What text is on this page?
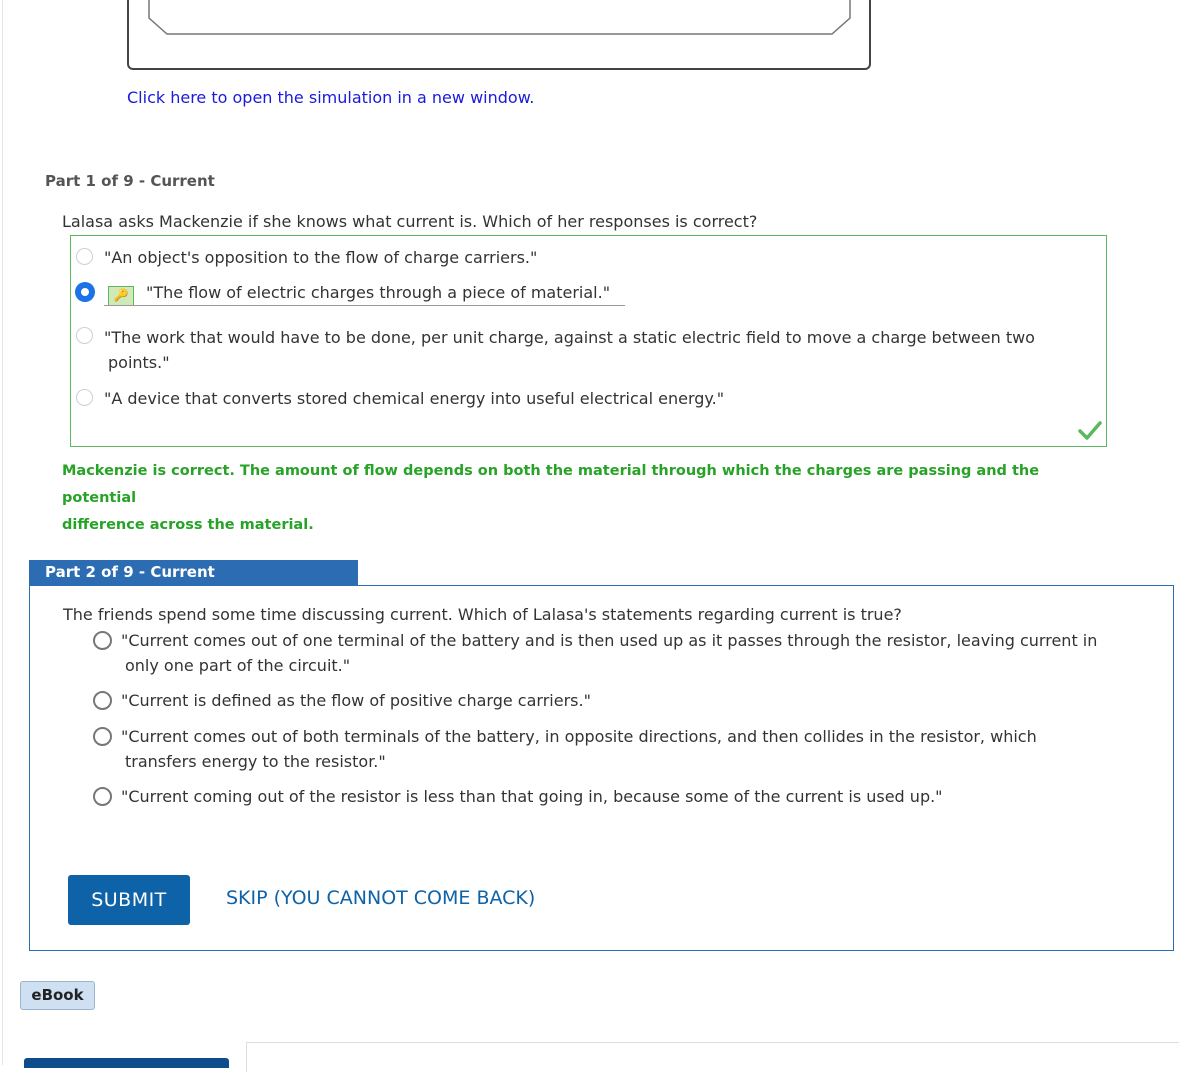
Click here to open the simulation in a new window.
Part 1 of 9 - Current
Lalasa asks Mackenzie if she knows what current is. Which of her responses is correct?
"An object's opposition to the flow of charge carriers."
🔑	"The flow of electric charges through a piece of material."
"The work that would have to be done, per unit charge, against a static electric field to move a charge between two
points."
"A device that converts stored chemical energy into useful electrical energy."
Mackenzie is correct. The amount of flow depends on both the material through which the charges are passing and the potential
difference across the material.
Part 2 of 9 - Current
The friends spend some time discussing current. Which of Lalasa's statements regarding current is true?
"Current comes out of one terminal of the battery and is then used up as it passes through the resistor, leaving current in
only one part of the circuit."
"Current is defined as the flow of positive charge carriers."
"Current comes out of both terminals of the battery, in opposite directions, and then collides in the resistor, which
transfers energy to the resistor."
"Current coming out of the resistor is less than that going in, because some of the current is used up."
SUBMIT	SKIP (YOU CANNOT COME BACK)
eBook
